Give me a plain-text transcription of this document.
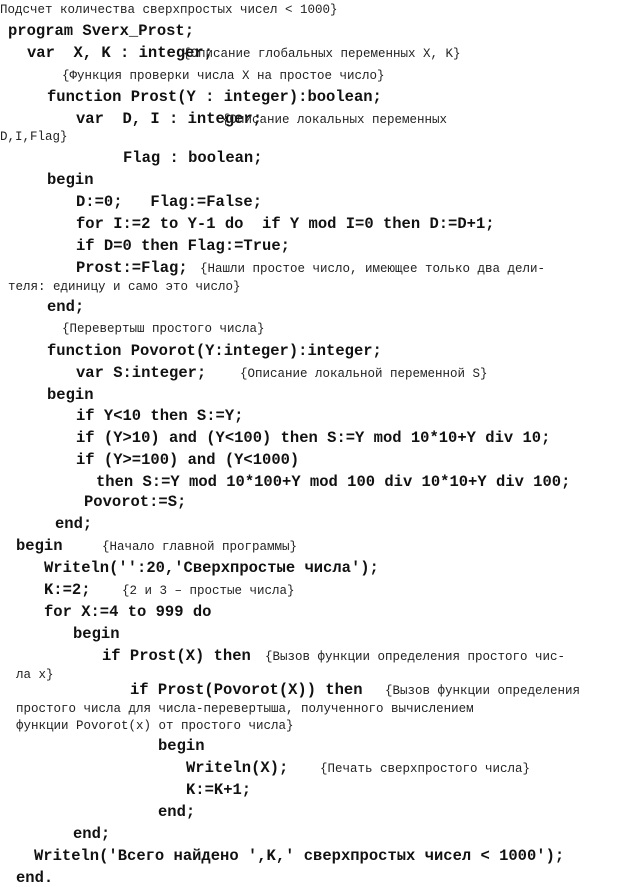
Подсчет количества сверхпростых чисел < 1000}
program Sverx_Prost;
var  X, K : integer;
{Описание глобальных переменных X, K}
{Функция проверки числа X на простое число}
function Prost(Y : integer):boolean;
var  D, I : integer;
{Описание локальных переменных
D,I,Flag}
Flag : boolean;
begin
D:=0;   Flag:=False;
for I:=2 to Y-1 do  if Y mod I=0 then D:=D+1;
if D=0 then Flag:=True;
Prost:=Flag; {Нашли простое число, имеющее только два дели-
теля: единицу и само это число}
end;
{Перевертыш простого числа}
function Povorot(Y:integer):integer;
var S:integer;	{Описание локальной переменной S}
begin
if Y<10 then S:=Y;
if (Y>10) and (Y<100) then S:=Y mod 10*10+Y div 10;
if (Y>=100) and (Y<1000)
then S:=Y mod 10*100+Y mod 100 div 10*10+Y div 100;
Povorot:=S;
end;
begin	{Начало главной программы}
Writeln('':20,'Сверхпростые числа');
K:=2;	{2 и 3 – простые числа}
for X:=4 to 999 do
begin
if Prost(X) then {Вызов функции определения простого чис-
ла x}
if Prost(Povorot(X)) then {Вызов функции определения
простого числа для числа-перевертыша, полученного вычислением
функции Povorot(x) от простого числа}
begin
Writeln(X);	{Печать сверхпростого числа}
K:=K+1;
end;
end;
Writeln('Всего найдено ',K,' сверхпростых чисел < 1000');
end.
